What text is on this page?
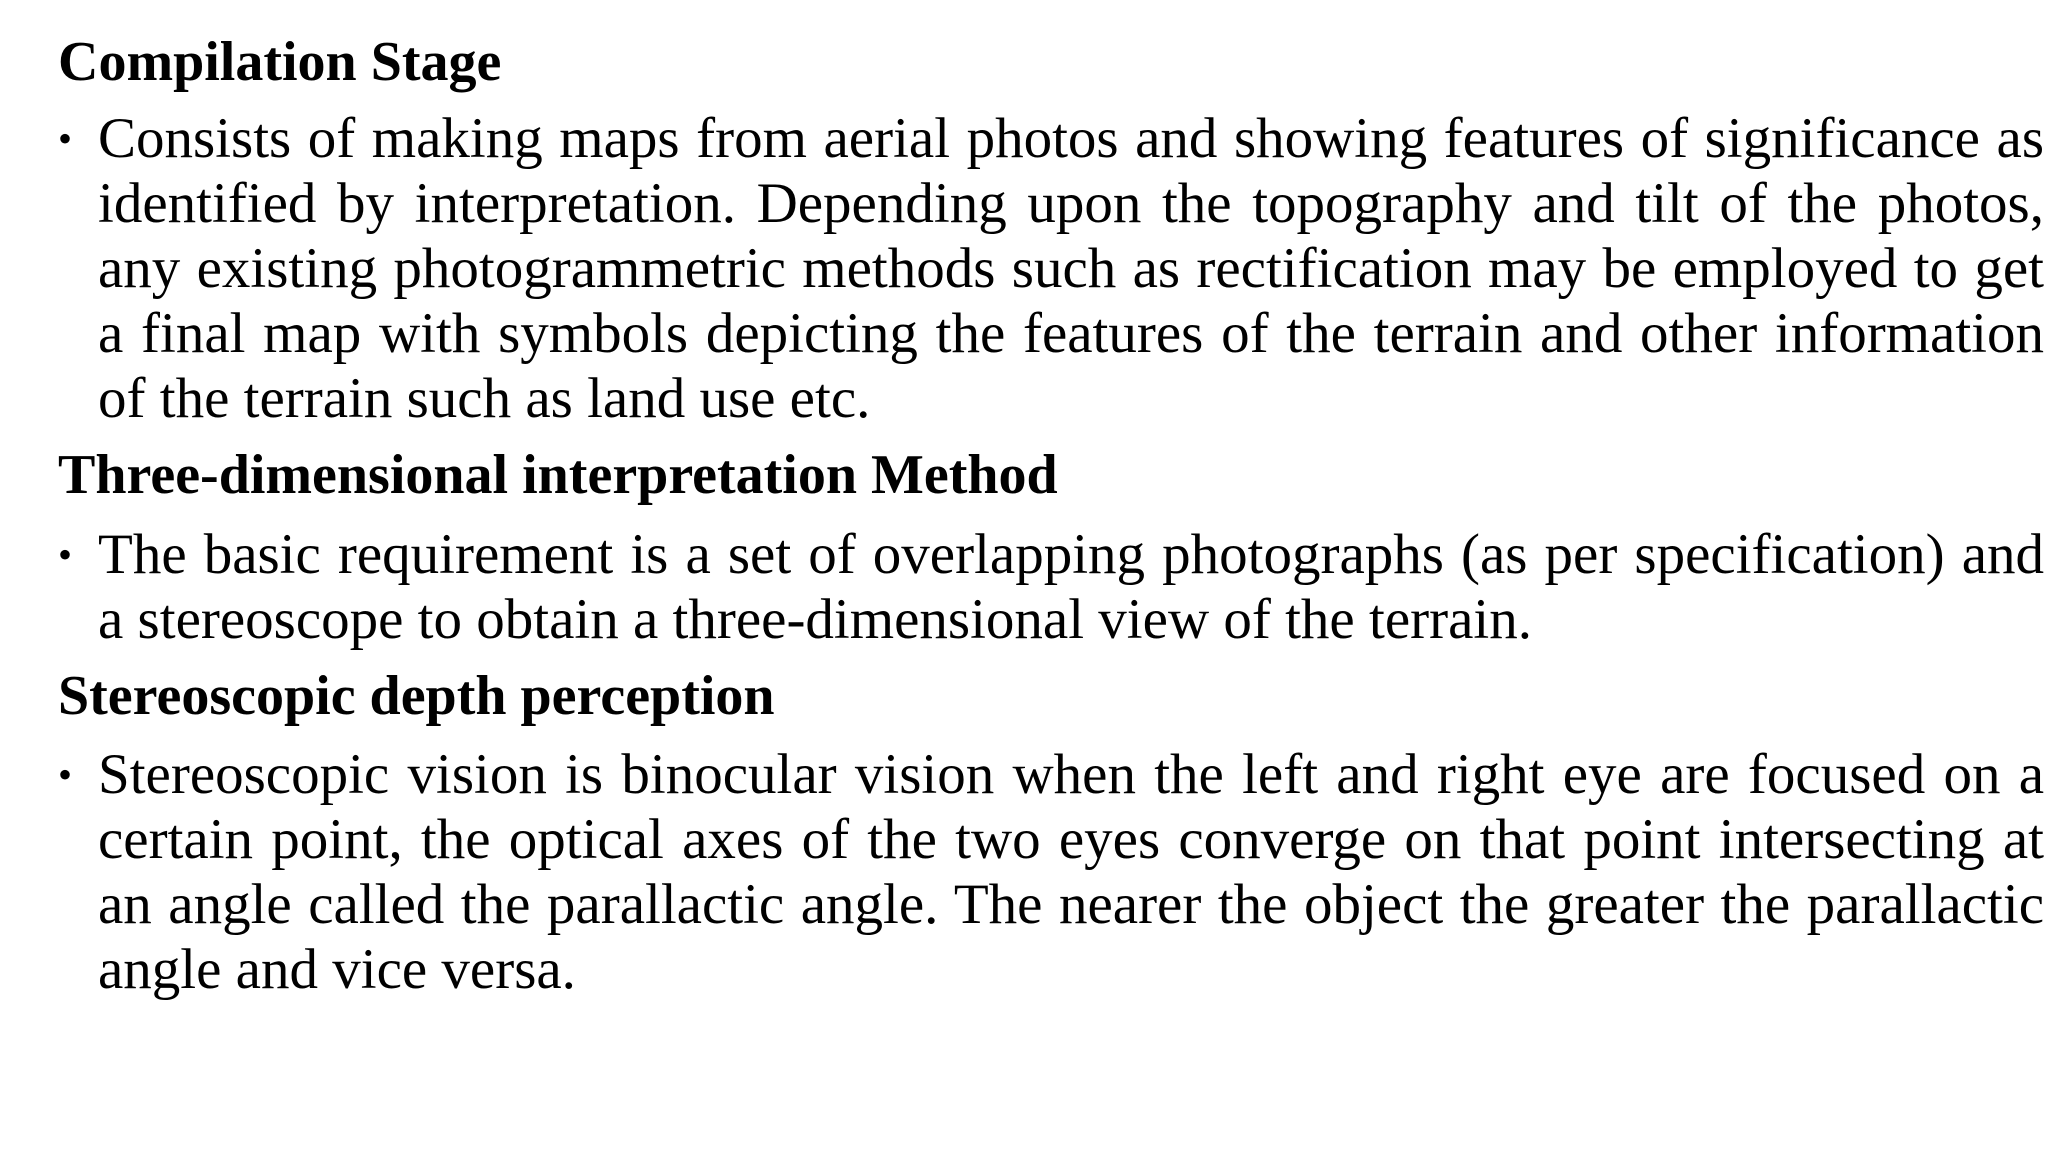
Compilation Stage
• Consists of making maps from aerial photos and showing features of significance as identified by interpretation. Depending upon the topography and tilt of the photos, any existing photogrammetric methods such as rectification may be employed to get a final map with symbols depicting the features of the terrain and other information of the terrain such as land use etc.
Three-dimensional interpretation Method
• The basic requirement is a set of overlapping photographs (as per specification) and a stereoscope to obtain a three-dimensional view of the terrain.
Stereoscopic depth perception
• Stereoscopic vision is binocular vision when the left and right eye are focused on a certain point, the optical axes of the two eyes converge on that point intersecting at an angle called the parallactic angle. The nearer the object the greater the parallactic angle and vice versa.
